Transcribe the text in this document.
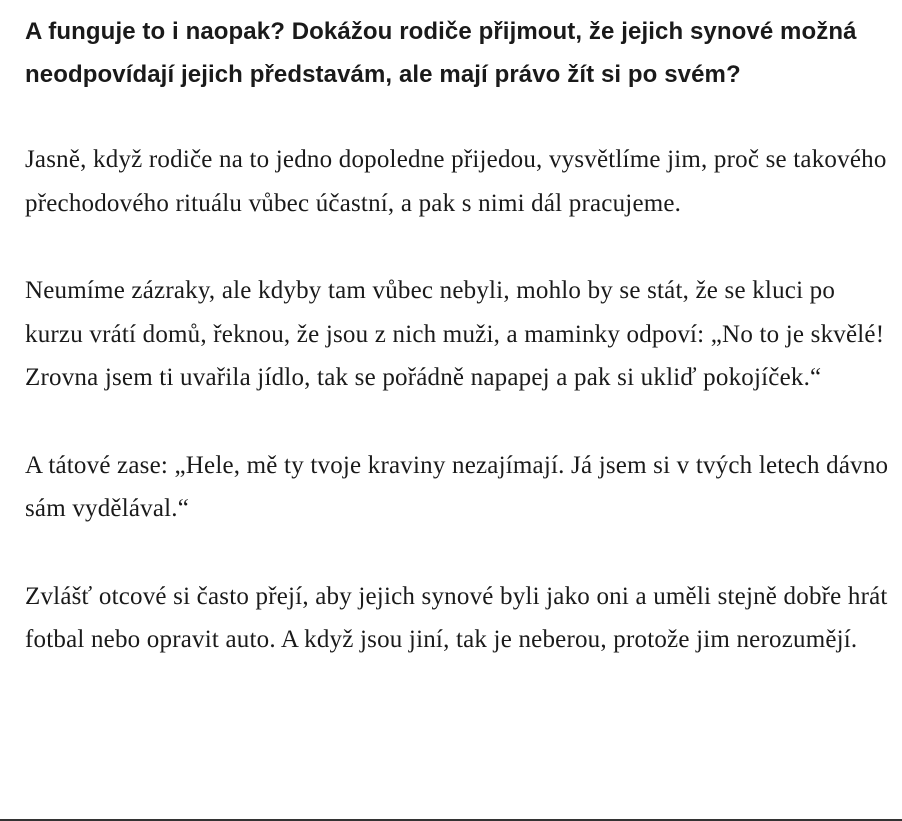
A funguje to i naopak? Dokážou rodiče přijmout, že jejich synové možná neodpovídají jejich představám, ale mají právo žít si po svém?

Jasně, když rodiče na to jedno dopoledne přijedou, vysvětlíme jim, proč se takového přechodového rituálu vůbec účastní, a pak s nimi dál pracujeme.

Neumíme zázraky, ale kdyby tam vůbec nebyli, mohlo by se stát, že se kluci po kurzu vrátí domů, řeknou, že jsou z nich muži, a maminky odpoví: „No to je skvělé! Zrovna jsem ti uvařila jídlo, tak se pořádně napapej a pak si ukliď pokojíček.“

A tátové zase: „Hele, mě ty tvoje kraviny nezajímají. Já jsem si v tvých letech dávno sám vydělával.“

Zvlášť otcové si často přejí, aby jejich synové byli jako oni a uměli stejně dobře hrát fotbal nebo opravit auto. A když jsou jiní, tak je neberou, protože jim nerozumějí.
